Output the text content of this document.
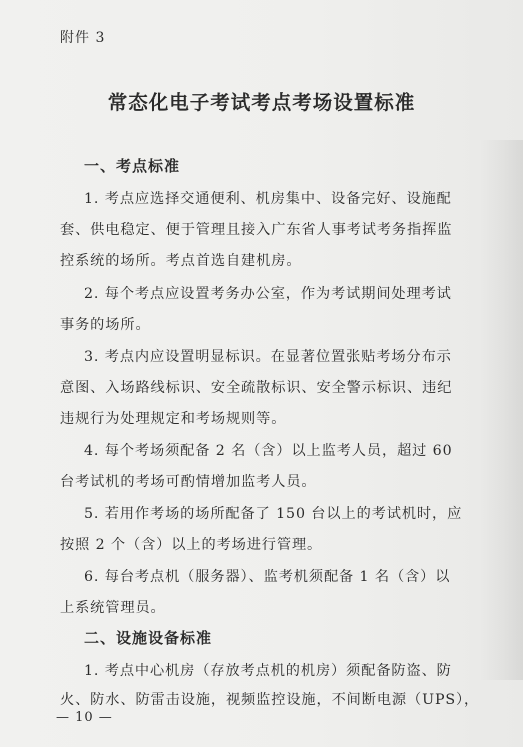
附件 3
常态化电子考试考点考场设置标准
一、考点标准
1. 考点应选择交通便利、机房集中、设备完好、设施配
套、供电稳定、便于管理且接入广东省人事考试考务指挥监
控系统的场所。考点首选自建机房。
2. 每个考点应设置考务办公室，作为考试期间处理考试
事务的场所。
3. 考点内应设置明显标识。在显著位置张贴考场分布示
意图、入场路线标识、安全疏散标识、安全警示标识、违纪
违规行为处理规定和考场规则等。
4. 每个考场须配备 2 名（含）以上监考人员，超过 60
台考试机的考场可酌情增加监考人员。
5. 若用作考场的场所配备了 150 台以上的考试机时，应
按照 2 个（含）以上的考场进行管理。
6. 每台考点机（服务器）、监考机须配备 1 名（含）以
上系统管理员。
二、设施设备标准
1. 考点中心机房（存放考点机的机房）须配备防盗、防
火、防水、防雷击设施，视频监控设施，不间断电源（UPS），
— 10 —
